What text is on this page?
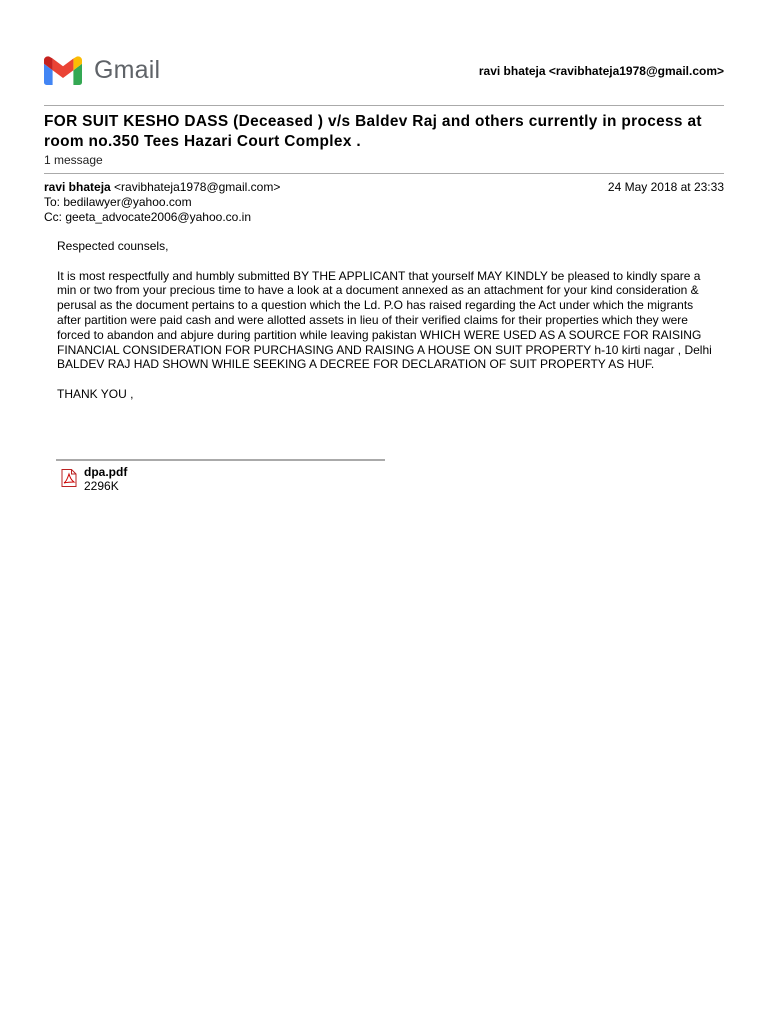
Gmail	ravi bhateja <ravibhateja1978@gmail.com>
FOR SUIT KESHO DASS (Deceased ) v/s Baldev Raj and others currently in process at room no.350 Tees Hazari Court Complex .
1 message
ravi bhateja <ravibhateja1978@gmail.com>	24 May 2018 at 23:33
To: bedilawyer@yahoo.com
Cc: geeta_advocate2006@yahoo.co.in

Respected counsels,

It is most respectfully and humbly submitted BY THE APPLICANT that yourself MAY KINDLY be pleased to kindly spare a min or two from your precious time to have a look at a document annexed as an attachment for your kind consideration & perusal as the document pertains to a question which the Ld. P.O has raised regarding the Act under which the migrants after partition were paid cash and were allotted assets in lieu of their verified claims for their properties which they were forced to abandon and abjure during partition while leaving pakistan WHICH WERE USED AS A SOURCE FOR RAISING FINANCIAL CONSIDERATION FOR PURCHASING AND RAISING A HOUSE ON SUIT PROPERTY h-10 kirti nagar , Delhi BALDEV RAJ HAD SHOWN WHILE SEEKING A DECREE FOR DECLARATION OF SUIT PROPERTY AS HUF.

THANK YOU ,

dpa.pdf
2296K
